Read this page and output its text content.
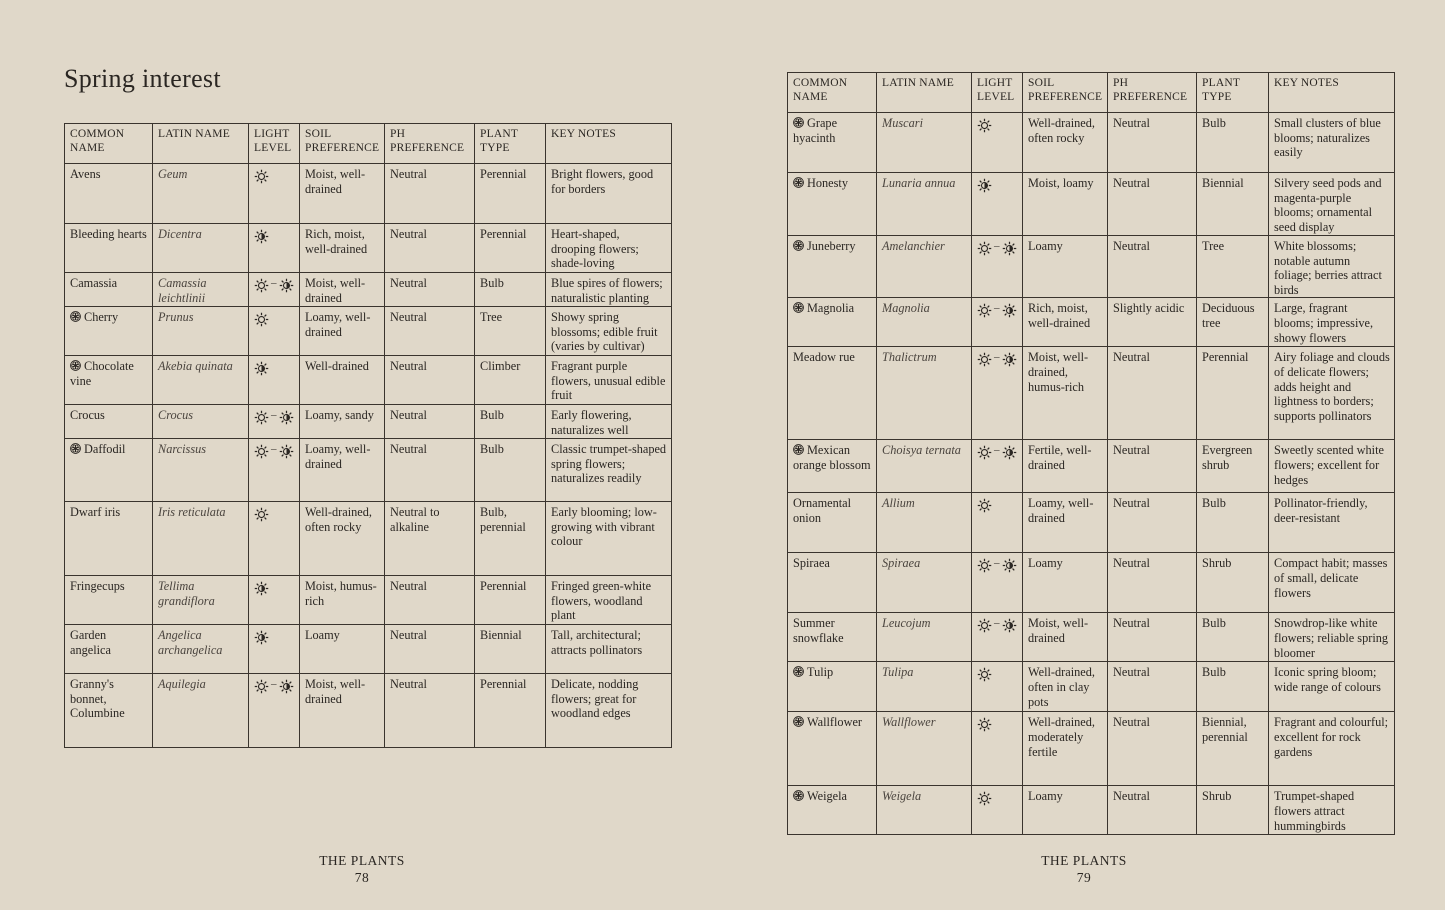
Spring interest
COMMON NAME	LATIN NAME	LIGHT LEVEL	SOIL PREFERENCE	PH PREFERENCE	PLANT TYPE	KEY NOTES
Avens	Geum		Moist, well-drained	Neutral	Perennial	Bright flowers, good for borders
Bleeding hearts	Dicentra		Rich, moist, well-drained	Neutral	Perennial	Heart-shaped, drooping flowers; shade-loving
Camassia	Camassia leichtlinii	–	Moist, well-drained	Neutral	Bulb	Blue spires of flowers; naturalistic planting
Cherry	Prunus		Loamy, well-drained	Neutral	Tree	Showy spring blossoms; edible fruit (varies by cultivar)
Chocolate vine	Akebia quinata		Well-drained	Neutral	Climber	Fragrant purple flowers, unusual edible fruit
Crocus	Crocus	–	Loamy, sandy	Neutral	Bulb	Early flowering, naturalizes well
Daffodil	Narcissus	–	Loamy, well-drained	Neutral	Bulb	Classic trumpet-shaped spring flowers; naturalizes readily
Dwarf iris	Iris reticulata		Well-drained, often rocky	Neutral to alkaline	Bulb, perennial	Early blooming; low-growing with vibrant colour
Fringecups	Tellima grandiflora		Moist, humus-rich	Neutral	Perennial	Fringed green-white flowers, woodland plant
Garden angelica	Angelica archangelica		Loamy	Neutral	Biennial	Tall, architectural; attracts pollinators
Granny's bonnet, Columbine	Aquilegia	–	Moist, well-drained	Neutral	Perennial	Delicate, nodding flowers; great for woodland edges
THE PLANTS
78
COMMON NAME	LATIN NAME	LIGHT LEVEL	SOIL PREFERENCE	PH PREFERENCE	PLANT TYPE	KEY NOTES
Grape hyacinth	Muscari		Well-drained, often rocky	Neutral	Bulb	Small clusters of blue blooms; naturalizes easily
Honesty	Lunaria annua		Moist, loamy	Neutral	Biennial	Silvery seed pods and magenta-purple blooms; ornamental seed display
Juneberry	Amelanchier	–	Loamy	Neutral	Tree	White blossoms; notable autumn foliage; berries attract birds
Magnolia	Magnolia	–	Rich, moist, well-drained	Slightly acidic	Deciduous tree	Large, fragrant blooms; impressive, showy flowers
Meadow rue	Thalictrum	–	Moist, well-drained, humus-rich	Neutral	Perennial	Airy foliage and clouds of delicate flowers; adds height and lightness to borders; supports pollinators
Mexican orange blossom	Choisya ternata	–	Fertile, well-drained	Neutral	Evergreen shrub	Sweetly scented white flowers; excellent for hedges
Ornamental onion	Allium		Loamy, well-drained	Neutral	Bulb	Pollinator-friendly, deer-resistant
Spiraea	Spiraea	–	Loamy	Neutral	Shrub	Compact habit; masses of small, delicate flowers
Summer snowflake	Leucojum	–	Moist, well-drained	Neutral	Bulb	Snowdrop-like white flowers; reliable spring bloomer
Tulip	Tulipa		Well-drained, often in clay pots	Neutral	Bulb	Iconic spring bloom; wide range of colours
Wallflower	Wallflower		Well-drained, moderately fertile	Neutral	Biennial, perennial	Fragrant and colourful; excellent for rock gardens
Weigela	Weigela		Loamy	Neutral	Shrub	Trumpet-shaped flowers attract hummingbirds
THE PLANTS
79
